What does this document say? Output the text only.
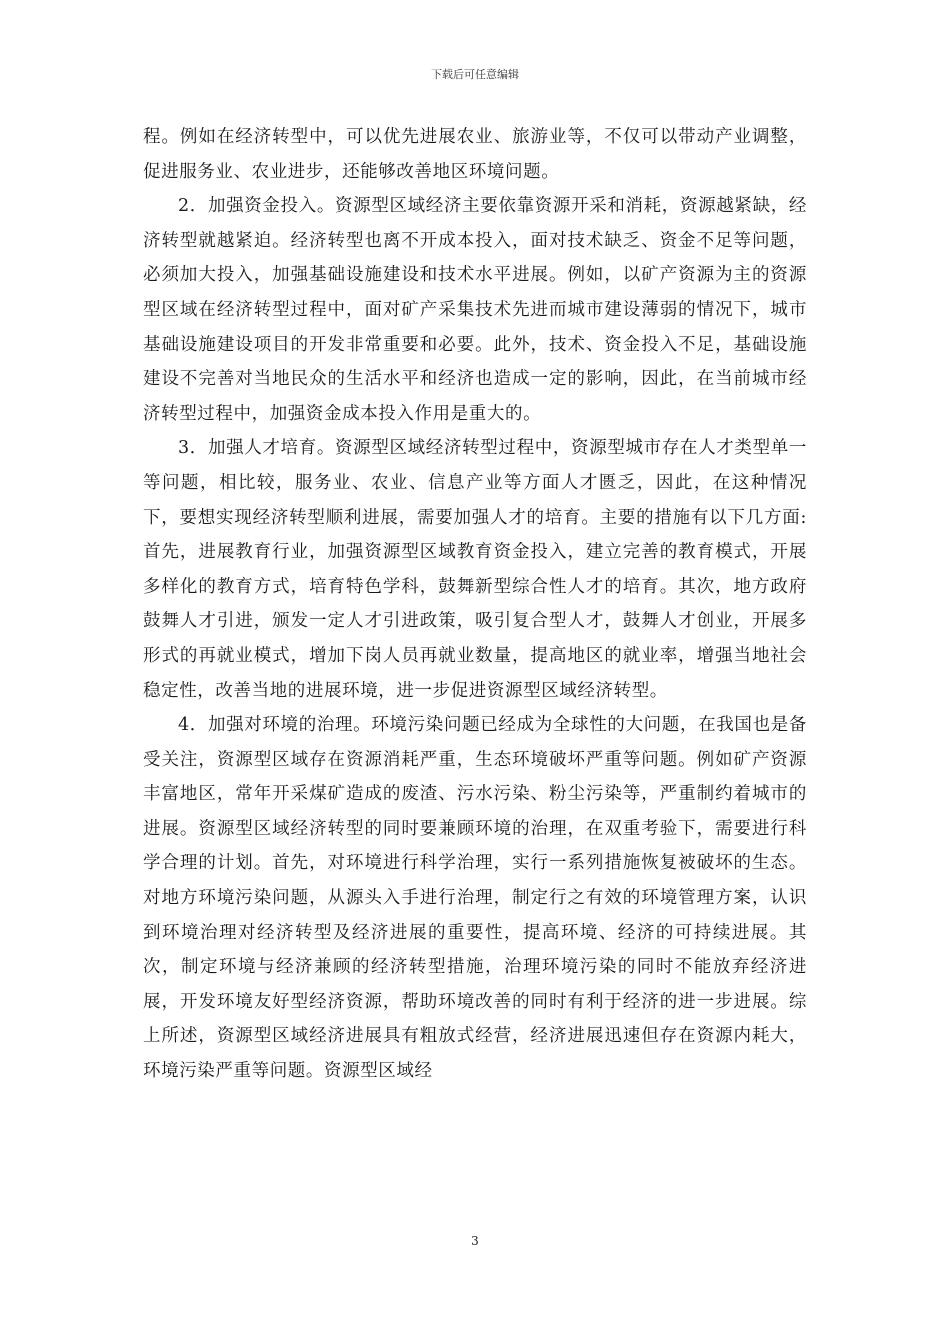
下载后可任意编辑

程。例如在经济转型中，可以优先进展农业、旅游业等，不仅可以带动产业调整，促进服务业、农业进步，还能够改善地区环境问题。

2．加强资金投入。资源型区域经济主要依靠资源开采和消耗，资源越紧缺，经济转型就越紧迫。经济转型也离不开成本投入，面对技术缺乏、资金不足等问题，必须加大投入，加强基础设施建设和技术水平进展。例如，以矿产资源为主的资源型区域在经济转型过程中，面对矿产采集技术先进而城市建设薄弱的情况下，城市基础设施建设项目的开发非常重要和必要。此外，技术、资金投入不足，基础设施建设不完善对当地民众的生活水平和经济也造成一定的影响，因此，在当前城市经济转型过程中，加强资金成本投入作用是重大的。

3．加强人才培育。资源型区域经济转型过程中，资源型城市存在人才类型单一等问题，相比较，服务业、农业、信息产业等方面人才匮乏，因此，在这种情况下，要想实现经济转型顺利进展，需要加强人才的培育。主要的措施有以下几方面:首先，进展教育行业，加强资源型区域教育资金投入，建立完善的教育模式，开展多样化的教育方式，培育特色学科，鼓舞新型综合性人才的培育。其次，地方政府鼓舞人才引进，颁发一定人才引进政策，吸引复合型人才，鼓舞人才创业，开展多形式的再就业模式，增加下岗人员再就业数量，提高地区的就业率，增强当地社会稳定性，改善当地的进展环境，进一步促进资源型区域经济转型。

4．加强对环境的治理。环境污染问题已经成为全球性的大问题，在我国也是备受关注，资源型区域存在资源消耗严重，生态环境破坏严重等问题。例如矿产资源丰富地区，常年开采煤矿造成的废渣、污水污染、粉尘污染等，严重制约着城市的进展。资源型区域经济转型的同时要兼顾环境的治理，在双重考验下，需要进行科学合理的计划。首先，对环境进行科学治理，实行一系列措施恢复被破坏的生态。对地方环境污染问题，从源头入手进行治理，制定行之有效的环境管理方案，认识到环境治理对经济转型及经济进展的重要性，提高环境、经济的可持续进展。其次，制定环境与经济兼顾的经济转型措施，治理环境污染的同时不能放弃经济进展，开发环境友好型经济资源，帮助环境改善的同时有利于经济的进一步进展。综上所述，资源型区域经济进展具有粗放式经营，经济进展迅速但存在资源内耗大，环境污染严重等问题。资源型区域经

3
